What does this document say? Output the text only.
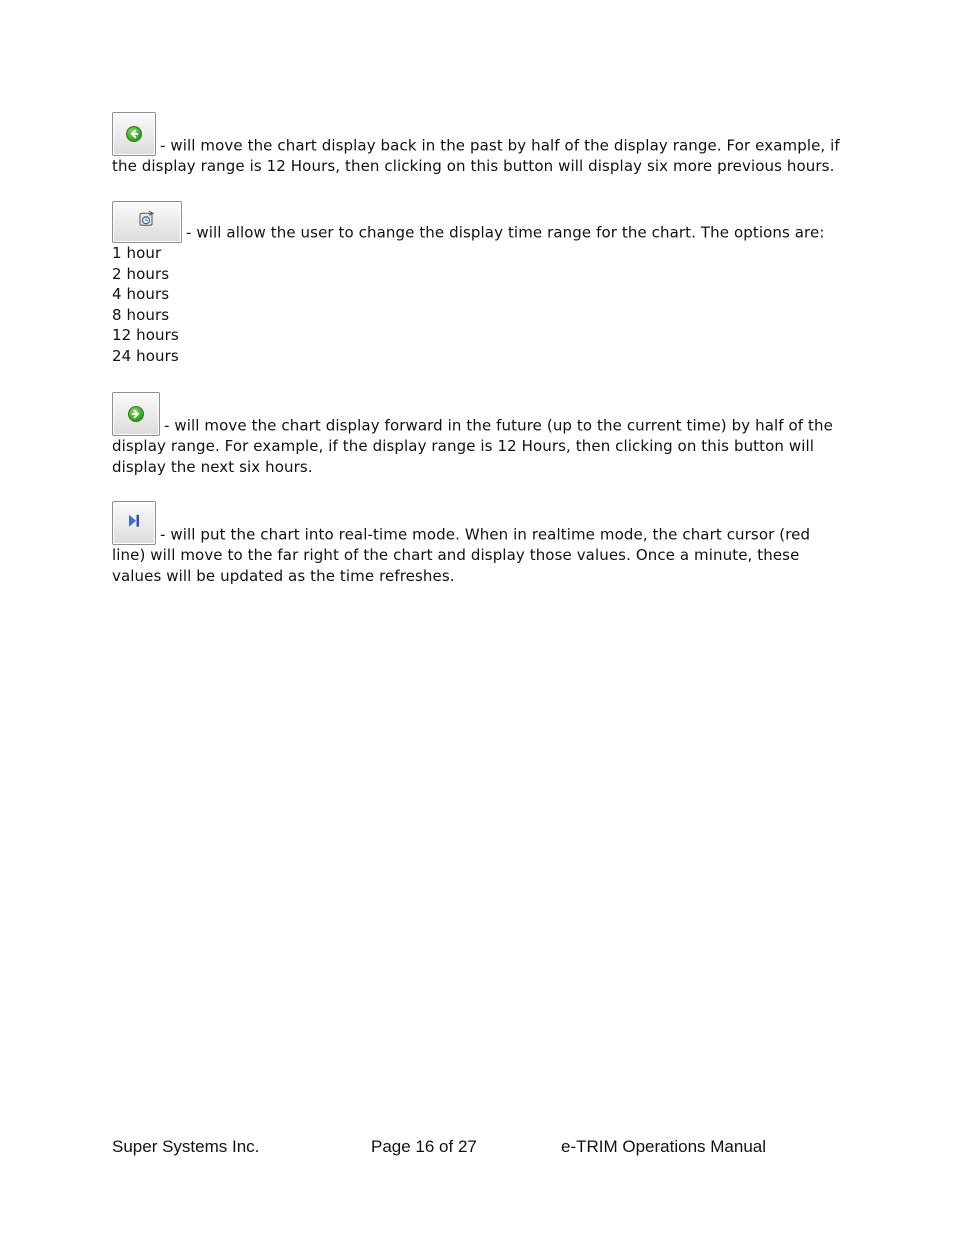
- will move the chart display back in the past by half of the display range. For example, if the display range is 12 Hours, then clicking on this button will display six more previous hours.
- will allow the user to change the display time range for the chart. The options are:
1 hour
2 hours
4 hours
8 hours
12 hours
24 hours
- will move the chart display forward in the future (up to the current time) by half of the display range. For example, if the display range is 12 Hours, then clicking on this button will display the next six hours.
- will put the chart into real-time mode. When in realtime mode, the chart cursor (red line) will move to the far right of the chart and display those values. Once a minute, these values will be updated as the time refreshes.
Super Systems Inc.	Page 16 of 27	e-TRIM Operations Manual
